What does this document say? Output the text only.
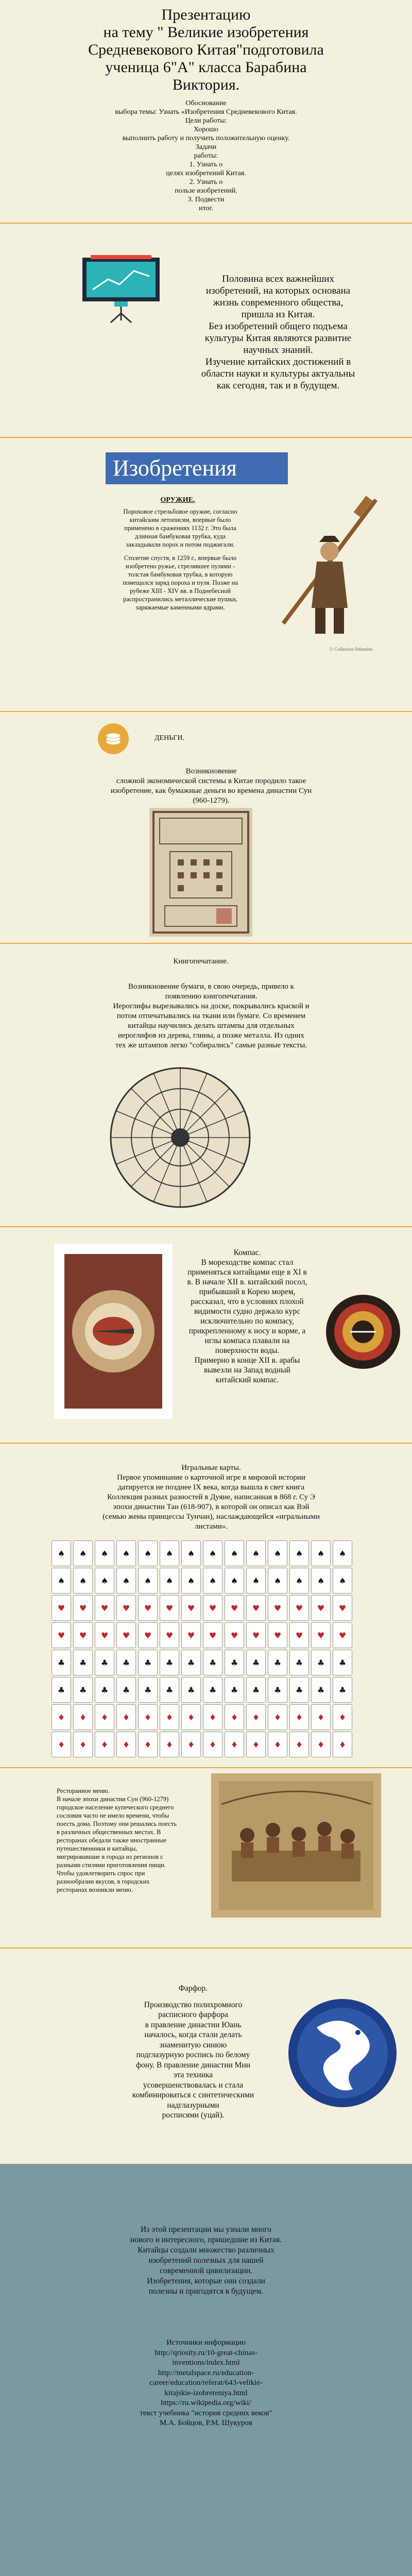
Презентацию
на тему " Великие изобретения
Средневекового Китая"подготовила
ученица 6"А" класса Барабина
Виктория.
Обоснование
выбора темы: Узнать «Изобретения Средневекового Китая.
Цели работы:
Хорошо
выполнить работу и получить положительную оценку.
Задачи
работы:
1. Узнать о
целях изобретений Китая.
2. Узнать о
пользе изобретений.
3. Подвести
итог.
Половина всех важнейших
изобретений, на которых основана
жизнь современного общества,
пришла из Китая.
Без изобретений общего подъема
культуры Китая являются развитие
научных знаний.
Изучение китайских достижений в
области науки и культуры актуальны
как сегодня, так и в будущем.
Изобретения
ОРУЖИЕ.
Пороховое стрельбовое оружие, согласно
китайским летописям, впервые было
применено в сражениях 1132 г. Это была
длинная бамбуковая трубка, куда
закладывали порох и потом поджигали.
Столетие спустя, в 1259 г., впервые было
изобретено ружье, стрелявшее пулями -
толстая бамбуковая трубка, в которую
помещался заряд пороха и пуля. Позже на
рубеже XIII - XIV вв. в Поднебесной
распространились металлические пушки,
заряжаемые каменными ядрами.
© Collection Sebastien
ДЕНЬГИ.
Возникновение
сложной экономической системы в Китае породило такое
изобретение, как бумажные деньги во времена династии Сун
(960-1279).
Книгопечатание.
Возникновение бумаги, в свою очередь, привело к
появлению книгопечатания.
Иероглифы вырезывались на доске, покрывались краской и
потом отпечатывались на ткани или бумаге. Со временем
китайцы научились делать штампы для отдельных
иероглифов из дерева, глины, а позже металла. Из одних
тех же штампов легко "собирались" самые разные тексты.
Компас.
В мореходстве компас стал
применяться китайцами еще в XI в
в. В начале XII в. китайский посол,
прибывший в Корею морем,
рассказал, что в условиях плохой
видимости судно держало курс
исключительно по компасу,
прикрепленному к носу и корме, а
иглы компаса плавали на
поверхности воды.
Примерно в конце XII в. арабы
вывезли на Запад водный
китайский компас.
Игральные карты.
Первое упоминание о карточной игре в мировой истории
датируется не позднее IX века, когда вышла в свет книга
Коллекция разных разностей в Дуяне, написанная в 868 г. Су Э
эпохи династии Тан (618-907), в которой он описал как Вэй
(семью жены принцессы Тунчан), наслаждающейся «игральными
листами».
♠	♠	♠	♠	♠	♠	♠	♠	♠	♠	♠	♠	♠	♠
♠	♠	♠	♠	♠	♠	♠	♠	♠	♠	♠	♠	♠	♠
♥	♥	♥	♥	♥	♥	♥	♥	♥	♥	♥	♥	♥	♥
♥	♥	♥	♥	♥	♥	♥	♥	♥	♥	♥	♥	♥	♥
♣	♣	♣	♣	♣	♣	♣	♣	♣	♣	♣	♣	♣	♣
♣	♣	♣	♣	♣	♣	♣	♣	♣	♣	♣	♣	♣	♣
♦	♦	♦	♦	♦	♦	♦	♦	♦	♦	♦	♦	♦	♦
♦	♦	♦	♦	♦	♦	♦	♦	♦	♦	♦	♦	♦	♦
Ресторанное меню.
В начале эпохи династии Сун (960-1279)
городское население купеческого среднего
сословия часто не имело времени, чтобы
поесть дома. Поэтому они решались поесть
в различных общественных местах. В
ресторанах обедали также иностранные
путешественники и китайцы,
мигрировавшие в города из регионов с
разными стилями приготовления пищи.
Чтобы удовлетворить спрос при
разнообразии вкусов, в городских
ресторанах возникли меню.
Фарфор.
Производство полихромного
расписного фарфора
в правление династии Юань
началось, когда стали делать
знаменитую синюю
подглазурную роспись по белому
фону. В правление династии Мин
эта техника
усовершенствовалась и стала
комбинироваться с синтетическими
надглазурными
росписями (уцай).
Из этой презентации мы узнали много
нового и интересного, пришедшие из Китая.
Китайцы создали множество различных
изобретений полезных для нашей
современной цивилизации.
Изобретения, которые они создали
полезны и пригодятся в будущем.
Источники информацио
http://qriosity.ru/10-great-chinas-
inventions/index.html
http://metalspace.ru/education-
career/education/referat/643-velikie-
kitajskie-izobreteniya.html
https://ru.wikipedia.org/wiki/
текст учебника "история средних веков"
М.А. Бойцов, Р.М. Шукуров
